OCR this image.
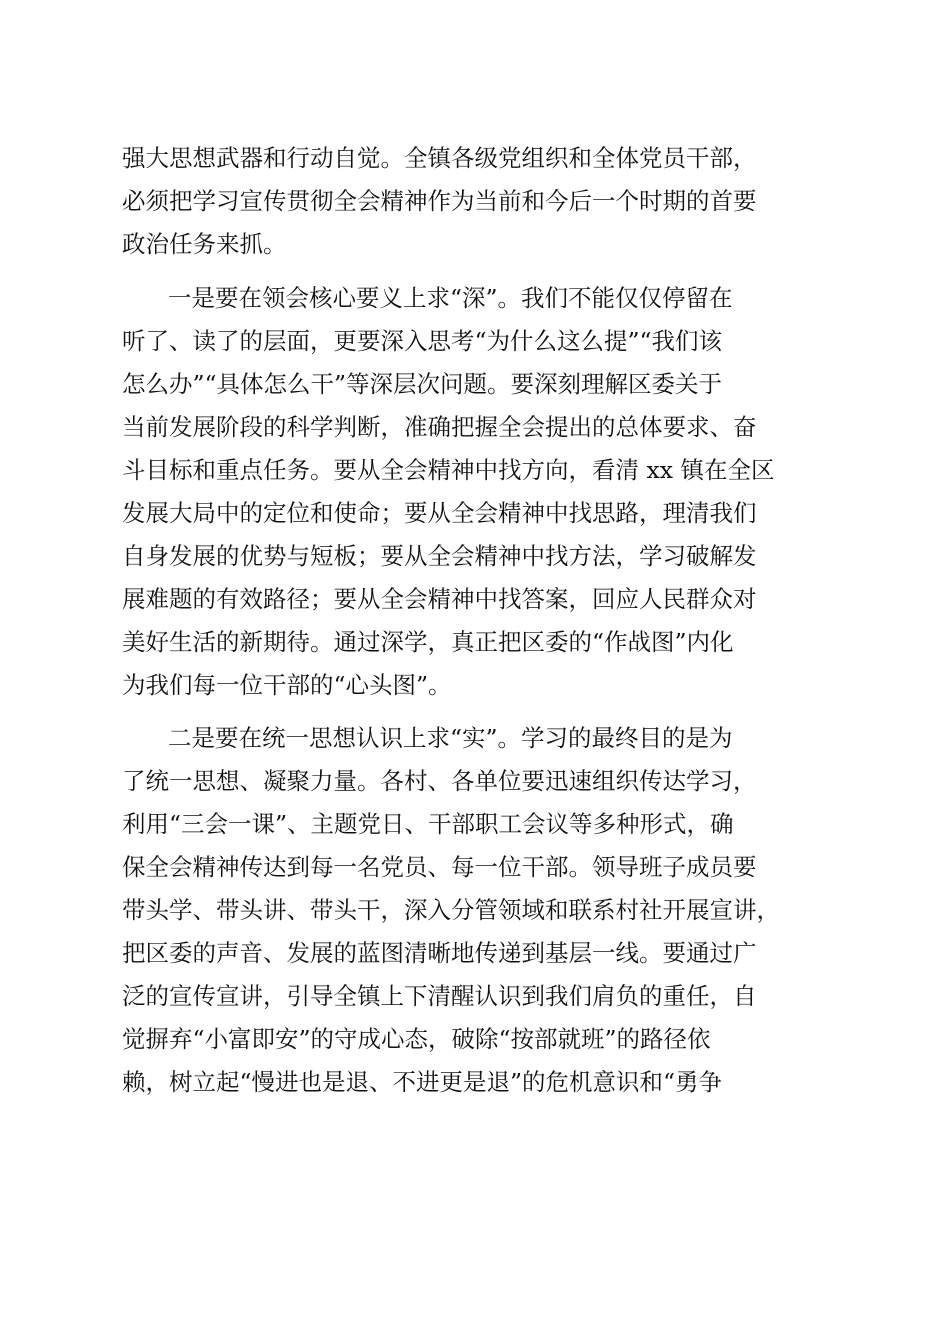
强大思想武器和行动自觉。全镇各级党组织和全体党员干部，
必须把学习宣传贯彻全会精神作为当前和今后一个时期的首要
政治任务来抓。
一是要在领会核心要义上求“深”。我们不能仅仅停留在
听了、读了的层面，更要深入思考“为什么这么提”“我们该
怎么办”“具体怎么干”等深层次问题。要深刻理解区委关于
当前发展阶段的科学判断，准确把握全会提出的总体要求、奋
斗目标和重点任务。要从全会精神中找方向，看清 xx 镇在全区
发展大局中的定位和使命；要从全会精神中找思路，理清我们
自身发展的优势与短板；要从全会精神中找方法，学习破解发
展难题的有效路径；要从全会精神中找答案，回应人民群众对
美好生活的新期待。通过深学，真正把区委的“作战图”内化
为我们每一位干部的“心头图”。
二是要在统一思想认识上求“实”。学习的最终目的是为
了统一思想、凝聚力量。各村、各单位要迅速组织传达学习，
利用“三会一课”、主题党日、干部职工会议等多种形式，确
保全会精神传达到每一名党员、每一位干部。领导班子成员要
带头学、带头讲、带头干，深入分管领域和联系村社开展宣讲，
把区委的声音、发展的蓝图清晰地传递到基层一线。要通过广
泛的宣传宣讲，引导全镇上下清醒认识到我们肩负的重任，自
觉摒弃“小富即安”的守成心态，破除“按部就班”的路径依
赖，树立起“慢进也是退、不进更是退”的危机意识和“勇争
